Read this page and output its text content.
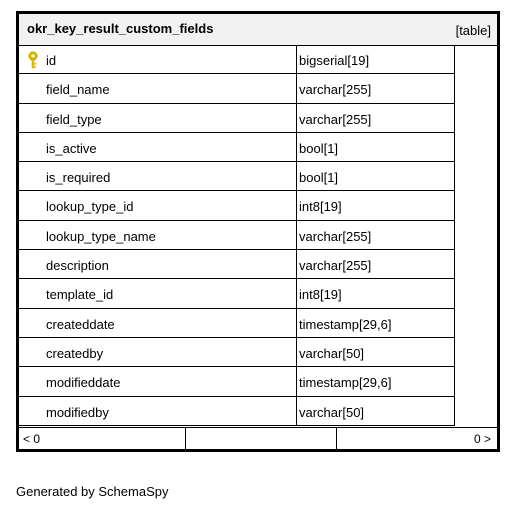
okr_key_result_custom_fields	[table]
id	bigserial[19]
field_name	varchar[255]
field_type	varchar[255]
is_active	bool[1]
is_required	bool[1]
lookup_type_id	int8[19]
lookup_type_name	varchar[255]
description	varchar[255]
template_id	int8[19]
createddate	timestamp[29,6]
createdby	varchar[50]
modifieddate	timestamp[29,6]
modifiedby	varchar[50]
< 0	0 >
Generated by SchemaSpy
